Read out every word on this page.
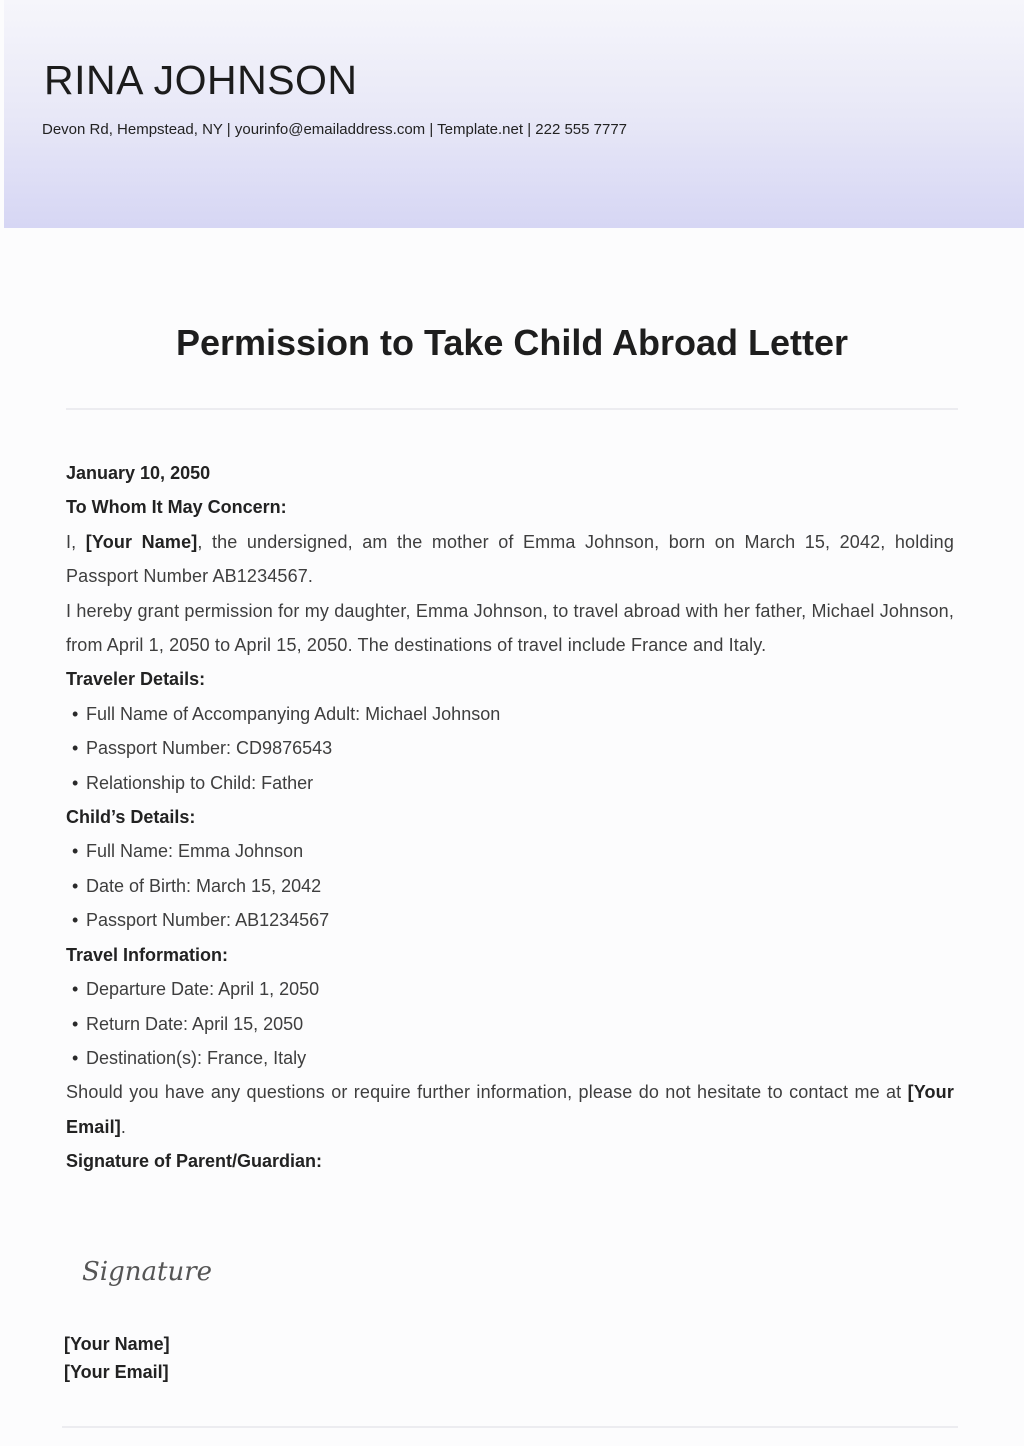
RINA JOHNSON
Devon Rd, Hempstead, NY | yourinfo@emailaddress.com | Template.net | 222 555 7777
Permission to Take Child Abroad Letter

January 10, 2050

To Whom It May Concern:

I, [Your Name], the undersigned, am the mother of Emma Johnson, born on March 15, 2042, holding Passport Number AB1234567.

I hereby grant permission for my daughter, Emma Johnson, to travel abroad with her father, Michael Johnson, from April 1, 2050 to April 15, 2050. The destinations of travel include France and Italy.

Traveler Details:

• Full Name of Accompanying Adult: Michael Johnson
• Passport Number: CD9876543
• Relationship to Child: Father

Child’s Details:

• Full Name: Emma Johnson
• Date of Birth: March 15, 2042
• Passport Number: AB1234567

Travel Information:

• Departure Date: April 1, 2050
• Return Date: April 15, 2050
• Destination(s): France, Italy

Should you have any questions or require further information, please do not hesitate to contact me at [Your Email].

Signature of Parent/Guardian:

Signature
[Your Name]
[Your Email]
